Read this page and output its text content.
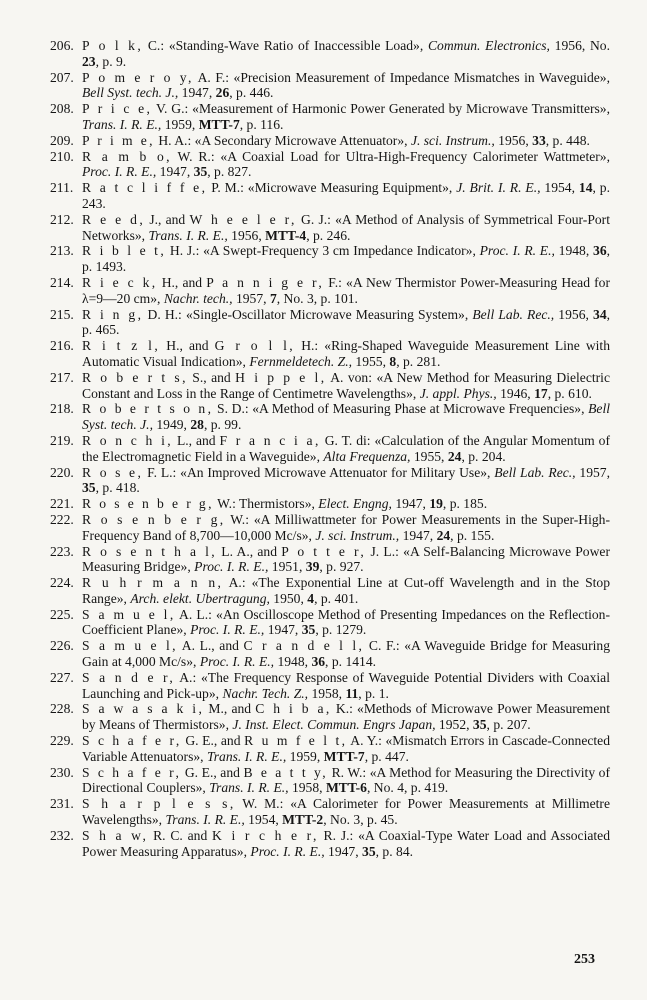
206. P o l k, C.: «Standing-Wave Ratio of Inaccessible Load», Commun. Electronics, 1956, No. 23, p. 9.
207. P o m e r o y, A. F.: «Precision Measurement of Impedance Mismatches in Waveguide», Bell Syst. tech. J., 1947, 26, p. 446.
208. P r i c e, V. G.: «Measurement of Harmonic Power Generated by Microwave Transmitters», Trans. I. R. E., 1959, MTT-7, p. 116.
209. P r i m e, H. A.: «A Secondary Microwave Attenuator», J. sci. Instrum., 1956, 33, p. 448.
210. R a m b o, W. R.: «A Coaxial Load for Ultra-High-Frequency Calorimeter Wattmeter», Proc. I. R. E., 1947, 35, p. 827.
211. R a t c l i f f e, P. M.: «Microwave Measuring Equipment», J. Brit. I. R. E., 1954, 14, p. 243.
212. R e e d, J., and W h e e l e r, G. J.: «A Method of Analysis of Symmetrical Four-Port Networks», Trans. I. R. E., 1956, MTT-4, p. 246.
213. R i b l e t, H. J.: «A Swept-Frequency 3 cm Impedance Indicator», Proc. I. R. E., 1948, 36, p. 1493.
214. R i e c k, H., and P a n n i g e r, F.: «A New Thermistor Power-Measuring Head for λ=9—20 cm», Nachr. tech., 1957, 7, No. 3, p. 101.
215. R i n g, D. H.: «Single-Oscillator Microwave Measuring System», Bell Lab. Rec., 1956, 34, p. 465.
216. R i t z l, H., and G r o l l, H.: «Ring-Shaped Waveguide Measurement Line with Automatic Visual Indication», Fernmeldetech. Z., 1955, 8, p. 281.
217. R o b e r t s, S., and H i p p e l, A. von: «A New Method for Measuring Dielectric Constant and Loss in the Range of Centimetre Wavelengths», J. appl. Phys., 1946, 17, p. 610.
218. R o b e r t s o n, S. D.: «A Method of Measuring Phase at Microwave Frequencies», Bell Syst. tech. J., 1949, 28, p. 99.
219. R o n c h i, L., and F r a n c i a, G. T. di: «Calculation of the Angular Momentum of the Electromagnetic Field in a Waveguide», Alta Frequenza, 1955, 24, p. 204.
220. R o s e, F. L.: «An Improved Microwave Attenuator for Military Use», Bell Lab. Rec., 1957, 35, p. 418.
221. R o s e n b e r g, W.: Thermistors», Elect. Engng, 1947, 19, p. 185.
222. R o s e n b e r g, W.: «A Milliwattmeter for Power Measurements in the Super-High-Frequency Band of 8,700—10,000 Mc/s», J. sci. Instrum., 1947, 24, p. 155.
223. R o s e n t h a l, L. A., and P o t t e r, J. L.: «A Self-Balancing Microwave Power Measuring Bridge», Proc. I. R. E., 1951, 39, p. 927.
224. R u h r m a n n, A.: «The Exponential Line at Cut-off Wavelength and in the Stop Range», Arch. elekt. Ubertragung, 1950, 4, p. 401.
225. S a m u e l, A. L.: «An Oscilloscope Method of Presenting Impedances on the Reflection-Coefficient Plane», Proc. I. R. E., 1947, 35, p. 1279.
226. S a m u e l, A. L., and C r a n d e l l, C. F.: «A Waveguide Bridge for Measuring Gain at 4,000 Mc/s», Proc. I. R. E., 1948, 36, p. 1414.
227. S a n d e r, A.: «The Frequency Response of Waveguide Potential Dividers with Coaxial Launching and Pick-up», Nachr. Tech. Z., 1958, 11, p. 1.
228. S a w a s a k i, M., and C h i b a, K.: «Methods of Microwave Power Measurement by Means of Thermistors», J. Inst. Elect. Commun. Engrs Japan, 1952, 35, p. 207.
229. S c h a f e r, G. E., and R u m f e l t, A. Y.: «Mismatch Errors in Cascade-Connected Variable Attenuators», Trans. I. R. E., 1959, MTT-7, p. 447.
230. S c h a f e r, G. E., and B e a t t y, R. W.: «A Method for Measuring the Directivity of Directional Couplers», Trans. I. R. E., 1958, MTT-6, No. 4, p. 419.
231. S h a r p l e s s, W. M.: «A Calorimeter for Power Measurements at Millimetre Wavelengths», Trans. I. R. E., 1954, MTT-2, No. 3, p. 45.
232. S h a w, R. C. and K i r c h e r, R. J.: «A Coaxial-Type Water Load and Associated Power Measuring Apparatus», Proc. I. R. E., 1947, 35, p. 84.
253
